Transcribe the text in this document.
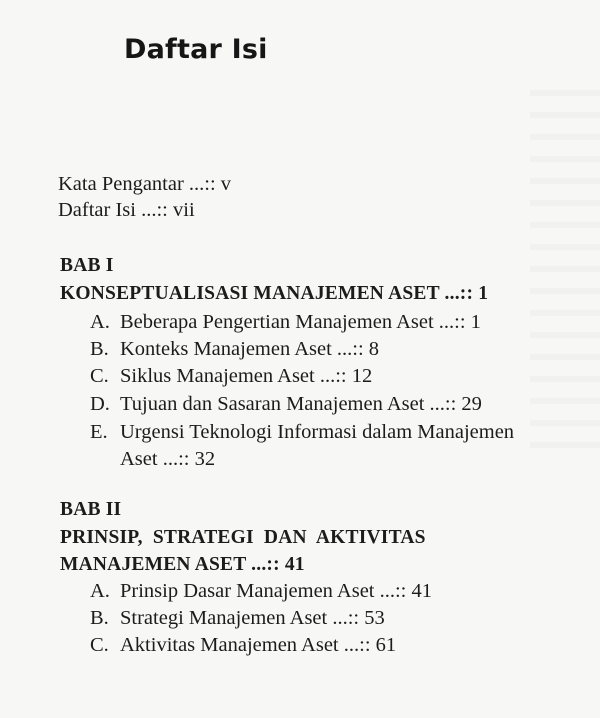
Daftar Isi
Kata Pengantar ...:: v
Daftar Isi ...:: vii
BAB I
KONSEPTUALISASI MANAJEMEN ASET ...:: 1
A. Beberapa Pengertian Manajemen Aset ...:: 1
B. Konteks Manajemen Aset ...:: 8
C. Siklus Manajemen Aset ...:: 12
D. Tujuan dan Sasaran Manajemen Aset ...:: 29
E. Urgensi Teknologi Informasi dalam Manajemen
Aset ...:: 32
BAB II
PRINSIP,  STRATEGI  DAN  AKTIVITAS
MANAJEMEN ASET ...:: 41
A. Prinsip Dasar Manajemen Aset ...:: 41
B. Strategi Manajemen Aset ...:: 53
C. Aktivitas Manajemen Aset ...:: 61
